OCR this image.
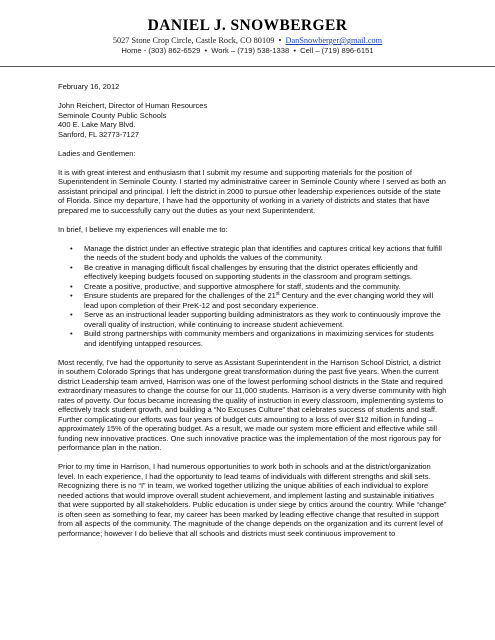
DANIEL J. SNOWBERGER
5027 Stone Crop Circle, Castle Rock, CO 80109 • DanSnowberger@gmail.com
Home - (303) 862-6529 • Work – (719) 538-1338 • Cell – (719) 896-6151

February 16, 2012

John Reichert, Director of Human Resources
Seminole County Public Schools
400 E. Lake Mary Blvd.
Sanford, FL 32773-7127

Ladies and Gentlemen:

It is with great interest and enthusiasm that I submit my resume and supporting materials for the position of Superintendent in Seminole County. I started my administrative career in Seminole County where I served as both an assistant principal and principal. I left the district in 2000 to pursue other leadership experiences outside of the state of Florida. Since my departure, I have had the opportunity of working in a variety of districts and states that have prepared me to successfully carry out the duties as your next Superintendent.

In brief, I believe my experiences will enable me to:

• Manage the district under an effective strategic plan that identifies and captures critical key actions that fulfill the needs of the student body and upholds the values of the community.
• Be creative in managing difficult fiscal challenges by ensuring that the district operates efficiently and effectively keeping budgets focused on supporting students in the classroom and program settings.
• Create a positive, productive, and supportive atmosphere for staff, students and the community.
• Ensure students are prepared for the challenges of the 21st Century and the ever changing world they will lead upon completion of their PreK-12 and post secondary experience.
• Serve as an instructional leader supporting building administrators as they work to continuously improve the overall quality of instruction, while continuing to increase student achievement.
• Build strong partnerships with community members and organizations in maximizing services for students and identifying untapped resources.

Most recently, I've had the opportunity to serve as Assistant Superintendent in the Harrison School District, a district in southern Colorado Springs that has undergone great transformation during the past five years. When the current district Leadership team arrived, Harrison was one of the lowest performing school districts in the State and required extraordinary measures to change the course for our 11,000 students. Harrison is a very diverse community with high rates of poverty. Our focus became increasing the quality of instruction in every classroom, implementing systems to effectively track student growth, and building a “No Excuses Culture” that celebrates success of students and staff. Further complicating our efforts was four years of budget cuts amounting to a loss of over $12 million in funding – approximately 15% of the operating budget. As a result, we made our system more efficient and effective while still funding new innovative practices. One such innovative practice was the implementation of the most rigorous pay for performance plan in the nation.

Prior to my time in Harrison, I had numerous opportunities to work both in schools and at the district/organization level. In each experience, I had the opportunity to lead teams of individuals with different strengths and skill sets. Recognizing there is no “I” in team, we worked together utilizing the unique abilities of each individual to explore needed actions that would improve overall student achievement, and implement lasting and sustainable initiatives that were supported by all stakeholders. Public education is under siege by critics around the country. While “change” is often seen as something to fear, my career has been marked by leading effective change that resulted in support from all aspects of the community. The magnitude of the change depends on the organization and its current level of performance; however I do believe that all schools and districts must seek continuous improvement to
